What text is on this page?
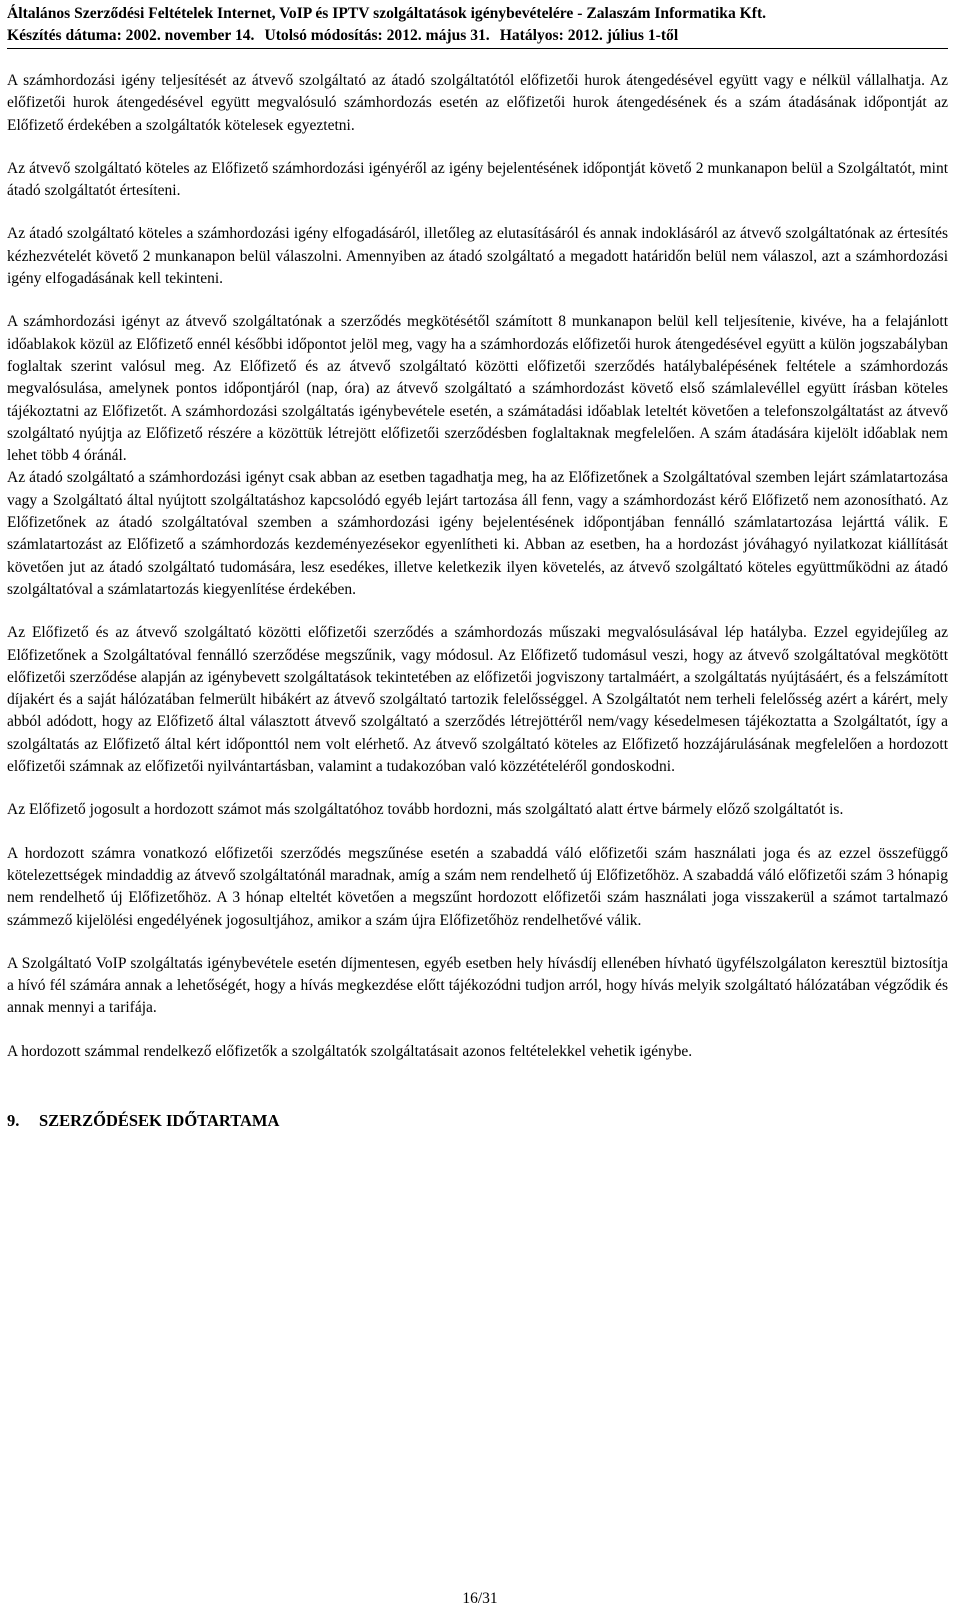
Általános Szerződési Feltételek Internet, VoIP és IPTV szolgáltatások igénybevételére - Zalaszám Informatika Kft.
Készítés dátuma: 2002. november 14. Utolsó módosítás: 2012. május 31. Hatályos: 2012. július 1-től

A számhordozási igény teljesítését az átvevő szolgáltató az átadó szolgáltatótól előfizetői hurok átengedésével együtt vagy e nélkül vállalhatja. Az előfizetői hurok átengedésével együtt megvalósuló számhordozás esetén az előfizetői hurok átengedésének és a szám átadásának időpontját az Előfizető érdekében a szolgáltatók kötelesek egyeztetni.

Az átvevő szolgáltató köteles az Előfizető számhordozási igényéről az igény bejelentésének időpontját követő 2 munkanapon belül a Szolgáltatót, mint átadó szolgáltatót értesíteni.

Az átadó szolgáltató köteles a számhordozási igény elfogadásáról, illetőleg az elutasításáról és annak indoklásáról az átvevő szolgáltatónak az értesítés kézhezvételét követő 2 munkanapon belül válaszolni. Amennyiben az átadó szolgáltató a megadott határidőn belül nem válaszol, azt a számhordozási igény elfogadásának kell tekinteni.

A számhordozási igényt az átvevő szolgáltatónak a szerződés megkötésétől számított 8 munkanapon belül kell teljesítenie, kivéve, ha a felajánlott időablakok közül az Előfizető ennél későbbi időpontot jelöl meg, vagy ha a számhordozás előfizetői hurok átengedésével együtt a külön jogszabályban foglaltak szerint valósul meg. Az Előfizető és az átvevő szolgáltató közötti előfizetői szerződés hatálybalépésének feltétele a számhordozás megvalósulása, amelynek pontos időpontjáról (nap, óra) az átvevő szolgáltató a számhordozást követő első számlalevéllel együtt írásban köteles tájékoztatni az Előfizetőt. A számhordozási szolgáltatás igénybevétele esetén, a számátadási időablak leteltét követően a telefonszolgáltatást az átvevő szolgáltató nyújtja az Előfizető részére a közöttük létrejött előfizetői szerződésben foglaltaknak megfelelően. A szám átadására kijelölt időablak nem lehet több 4 óránál.

Az átadó szolgáltató a számhordozási igényt csak abban az esetben tagadhatja meg, ha az Előfizetőnek a Szolgáltatóval szemben lejárt számlatartozása vagy a Szolgáltató által nyújtott szolgáltatáshoz kapcsolódó egyéb lejárt tartozása áll fenn, vagy a számhordozást kérő Előfizető nem azonosítható. Az Előfizetőnek az átadó szolgáltatóval szemben a számhordozási igény bejelentésének időpontjában fennálló számlatartozása lejárttá válik. E számlatartozást az Előfizető a számhordozás kezdeményezésekor egyenlítheti ki. Abban az esetben, ha a hordozást jóváhagyó nyilatkozat kiállítását követően jut az átadó szolgáltató tudomására, lesz esedékes, illetve keletkezik ilyen követelés, az átvevő szolgáltató köteles együttműködni az átadó szolgáltatóval a számlatartozás kiegyenlítése érdekében.

Az Előfizető és az átvevő szolgáltató közötti előfizetői szerződés a számhordozás műszaki megvalósulásával lép hatályba. Ezzel egyidejűleg az Előfizetőnek a Szolgáltatóval fennálló szerződése megszűnik, vagy módosul. Az Előfizető tudomásul veszi, hogy az átvevő szolgáltatóval megkötött előfizetői szerződése alapján az igénybevett szolgáltatások tekintetében az előfizetői jogviszony tartalmáért, a szolgáltatás nyújtásáért, és a felszámított díjakért és a saját hálózatában felmerült hibákért az átvevő szolgáltató tartozik felelősséggel. A Szolgáltatót nem terheli felelősség azért a kárért, mely abból adódott, hogy az Előfizető által választott átvevő szolgáltató a szerződés létrejöttéről nem/vagy késedelmesen tájékoztatta a Szolgáltatót, így a szolgáltatás az Előfizető által kért időponttól nem volt elérhető. Az átvevő szolgáltató köteles az Előfizető hozzájárulásának megfelelően a hordozott előfizetői számnak az előfizetői nyilvántartásban, valamint a tudakozóban való közzétételéről gondoskodni.

Az Előfizető jogosult a hordozott számot más szolgáltatóhoz tovább hordozni, más szolgáltató alatt értve bármely előző szolgáltatót is.

A hordozott számra vonatkozó előfizetői szerződés megszűnése esetén a szabaddá váló előfizetői szám használati joga és az ezzel összefüggő kötelezettségek mindaddig az átvevő szolgáltatónál maradnak, amíg a szám nem rendelhető új Előfizetőhöz. A szabaddá váló előfizetői szám 3 hónapig nem rendelhető új Előfizetőhöz. A 3 hónap elteltét követően a megszűnt hordozott előfizetői szám használati joga visszakerül a számot tartalmazó számmező kijelölési engedélyének jogosultjához, amikor a szám újra Előfizetőhöz rendelhetővé válik.

A Szolgáltató VoIP szolgáltatás igénybevétele esetén díjmentesen, egyéb esetben hely hívásdíj ellenében hívható ügyfélszolgálaton keresztül biztosítja a hívó fél számára annak a lehetőségét, hogy a hívás megkezdése előtt tájékozódni tudjon arról, hogy hívás melyik szolgáltató hálózatában végződik és annak mennyi a tarifája.

A hordozott számmal rendelkező előfizetők a szolgáltatók szolgáltatásait azonos feltételekkel vehetik igénybe.

9. SZERZŐDÉSEK IDŐTARTAMA
16/31
